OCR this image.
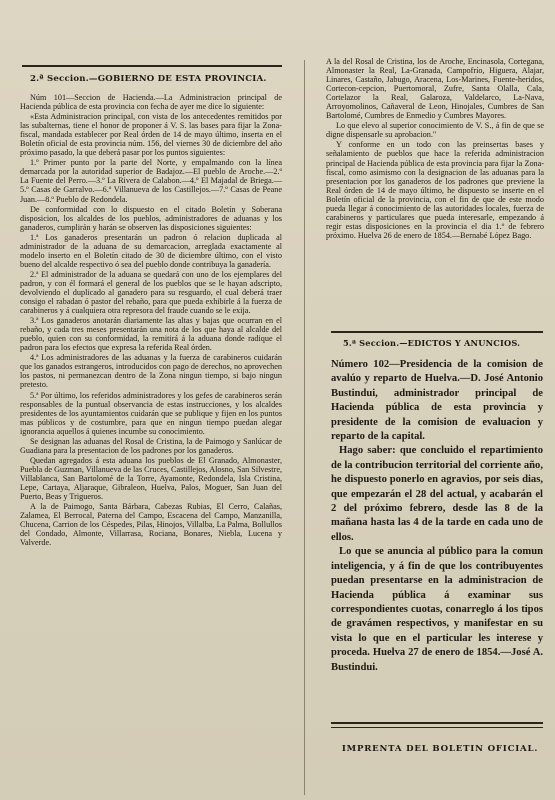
2.ª Seccion.—GOBIERNO DE ESTA PROVINCIA.

Núm 101—Seccion de Hacienda.—La Administracion principal de Hacienda pública de esta provincia con fecha de ayer me dice lo siguiente:

«Esta Administracion principal, con vista de los antecedentes remitidos por las subalternas, tiene el honor de proponer á V. S. las bases para fijar la Zona-fiscal, mandada establecer por Real órden de 14 de mayo último, inserta en el Boletín oficial de esta provincia núm. 156, del viernes 30 de diciembre del año próximo pasado, la que deberá pasar por los puntos siguientes:

1.º Primer punto por la parte del Norte, y empalmando con la línea demarcada por la autoridad superior de Badajoz.—El pueblo de Aroche.—2.º La Fuente del Perro.—3.º La Rivera de Calabon.—4.º El Majadal de Briega.—5.º Casas de Garralvo.—6.º Villanueva de los Castillejos.—7.º Casas de Peane Juan.—8.º Pueblo de Redondela.

De conformidad con lo dispuesto en el citado Boletín y Soberana disposicion, los alcaldes de los pueblos, administradores de aduanas y los ganaderos, cumplirán y harán se observen las disposiciones siguientes:

1.ª Los ganaderos presentarán un padron ó relacion duplicada al administrador de la aduana de su demarcacion, arreglada exactamente al modelo inserto en el Boletín citado de 30 de diciembre último, con el visto bueno del alcalde respectivo ó sea del pueblo donde contribuya la ganadería.

2.ª El administrador de la aduana se quedará con uno de los ejemplares del padron, y con él formará el general de los pueblos que se le hayan adscripto, devolviendo el duplicado al ganadero para su resguardo, el cual deberá traer consigo el rabadan ó pastor del rebaño, para que pueda exhibirle á la fuerza de carabineros y á cualquiera otra represora del fraude cuando se le exija.

3.ª Los ganaderos anotarán diariamente las altas y bajas que ocurran en el rebaño, y cada tres meses presentarán una nota de los que haya al alcalde del pueblo, quien con su conformidad, la remitirá á la aduana donde radique el padron para los efectos que expresa la referida Real órden.

4.ª Los administradores de las aduanas y la fuerza de carabineros cuidarán que los ganados estrangeros, introducidos con pago de derechos, no aprovechen los pastos, ni permanezcan dentro de la Zona ningun tiempo, si bajo ningun pretesto.

5.ª Por último, los referidos administradores y los gefes de carabineros serán responsables de la puntual observancia de estas instrucciones, y los alcaldes presidentes de los ayuntamientos cuidarán que se publique y fijen en los puntos mas públicos y de costumbre, para que en ningun tiempo puedan alegar ignorancia aquellos á quienes incumbe su conocimiento.

Se designan las aduanas del Rosal de Cristina, la de Paimogo y Sanlúcar de Guadiana para la presentacion de los padrones por los ganaderos.

Quedan agregados á esta aduana los pueblos de El Granado, Almonaster, Puebla de Guzman, Villanueva de las Cruces, Castillejos, Alosno, San Silvestre, Villablanca, San Bartolomé de la Torre, Ayamonte, Redondela, Isla Cristina, Lepe, Cartaya, Aljaraque, Gibraleon, Huelva, Palos, Moguer, San Juan del Puerto, Beas y Trigueros.

A la de Paimogo, Santa Bárbara, Cabezas Rubias, El Cerro, Calañas, Zalamea, El Berrocal, Paterna del Campo, Escacena del Campo, Manzanilla, Chucena, Carrion de los Céspedes, Pilas, Hinojos, Villalba, La Palma, Bollullos del Condado, Almonte, Villarrasa, Rociana, Bonares, Niebla, Lucena y Valverde.

A la del Rosal de Cristina, los de Aroche, Encinasola, Cortegana, Almonaster la Real, La-Granada, Campofrío, Higuera, Alajar, Linares, Castaño, Jabugo, Aracena, Los-Marines, Fuente-heridos, Cortecon-cepcion, Puertomoral, Zufre, Santa Olalla, Cala, Cortelazor la Real, Galaroza, Valdelarco, La-Nava, Arroyomolinos, Cañaveral de Leon, Hinojales, Cumbres de San Bartolomé, Cumbres de Enmedio y Cumbres Mayores.

Lo que elevo al superior conocimiento de V. S., á fin de que se digne dispensarle su aprobacion."

Y conforme en un todo con las preinsertas bases y señalamiento de pueblos que hace la referida administracion principal de Hacienda pública de esta provincia para fijar la Zona-fiscal, como asimismo con la designacion de las aduanas para la presentacion por los ganaderos de los padrones que previene la Real órden de 14 de mayo último, he dispuesto se inserte en el Boletín oficial de la provincia, con el fin de que de este modo pueda llegar á conocimiento de las autoridades locales, fuerza de carabineros y particulares que pueda interesarle, empezando á regir estas disposiciones en la provincia el dia 1.º de febrero próximo. Huelva 26 de enero de 1854.—Bernabé López Bago.

5.ª Seccion.—EDICTOS Y ANUNCIOS.

Número 102—Presidencia de la comision de avalúo y reparto de Huelva.—D. José Antonio Bustindui, administrador principal de Hacienda pública de esta provincia y presidente de la comision de evaluacion y reparto de la capital.

Hago saber: que concluido el repartimiento de la contribucion territorial del corriente año, he dispuesto ponerlo en agravios, por seis dias, que empezarán el 28 del actual, y acabarán el 2 del próximo febrero, desde las 8 de la mañana hasta las 4 de la tarde en cada uno de ellos.

Lo que se anuncia al público para la comun inteligencia, y á fin de que los contribuyentes puedan presentarse en la administracion de Hacienda pública á examinar sus correspondientes cuotas, conarreglo á los tipos de gravámen respectivos, y manifestar en su vista lo que en el particular les interese y proceda. Huelva 27 de enero de 1854.—José A. Bustindui.

IMPRENTA DEL BOLETIN OFICIAL.
